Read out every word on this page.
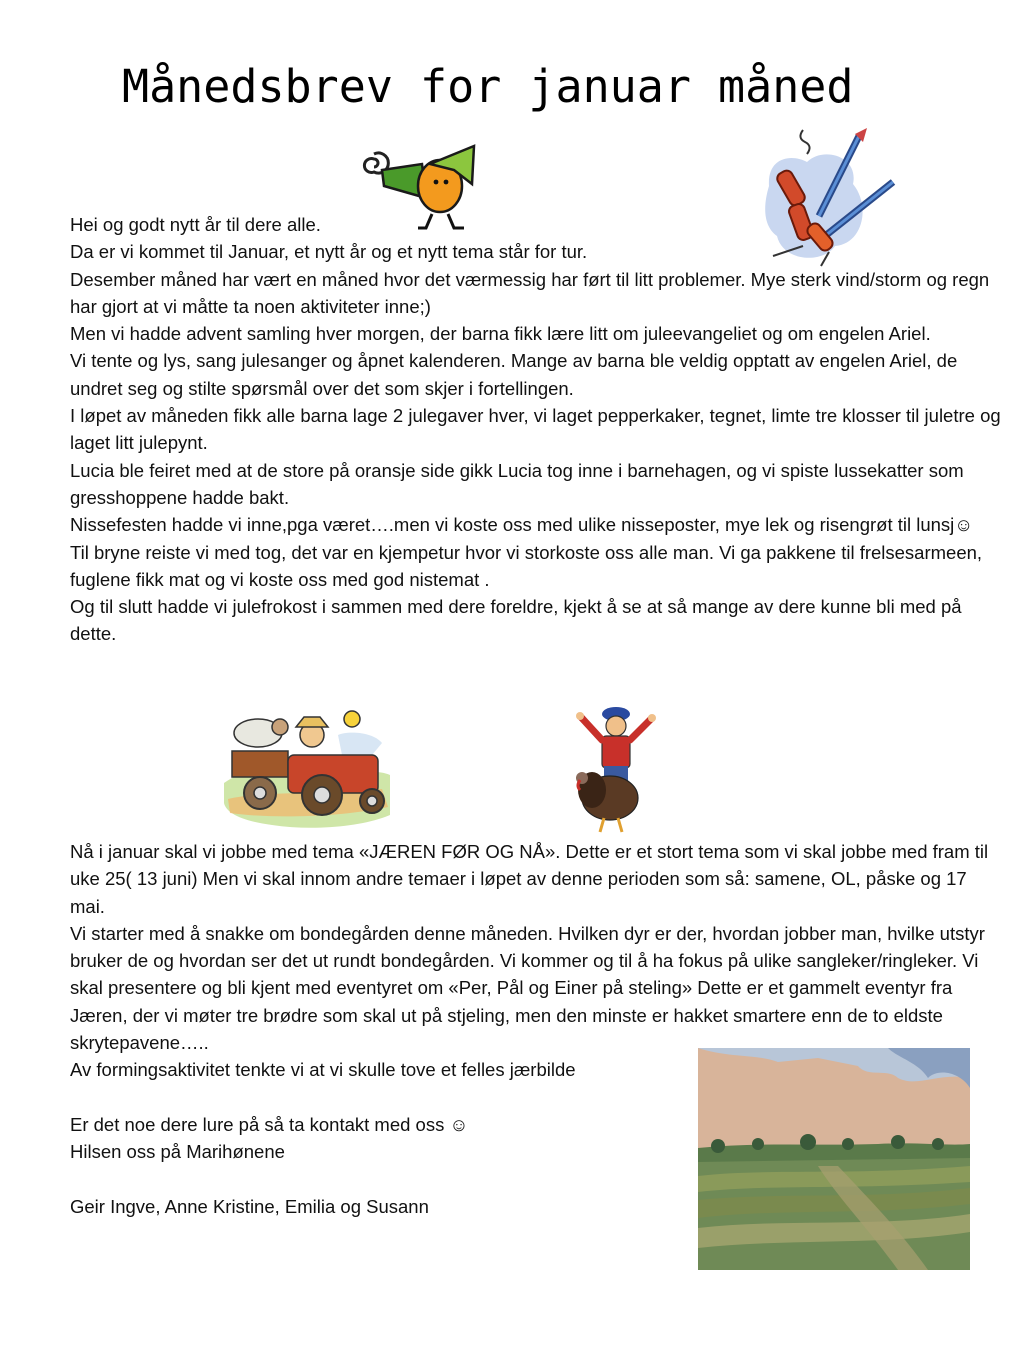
Månedsbrev for januar måned

Hei og godt nytt år til dere alle.

Da er vi kommet til Januar, et nytt år og et nytt tema står for tur.

Desember måned har vært en måned hvor det værmessig har ført til litt problemer. Mye sterk vind/storm og regn har gjort at vi måtte ta noen aktiviteter inne;)

Men vi hadde advent samling hver morgen, der barna fikk lære litt om juleevangeliet og om engelen Ariel.

Vi tente og lys, sang julesanger og åpnet kalenderen. Mange av barna ble veldig opptatt av engelen Ariel, de undret seg og stilte spørsmål over det som skjer i fortellingen.

I løpet av måneden fikk alle barna lage 2 julegaver hver, vi laget pepperkaker, tegnet, limte tre klosser til juletre og laget litt julepynt.

Lucia ble feiret med at de store på oransje side gikk Lucia tog inne i barnehagen, og vi spiste lussekatter som gresshoppene hadde bakt.

Nissefesten hadde vi inne,pga været….men vi koste oss med ulike nisseposter, mye lek og risengrøt til lunsj☺

Til bryne reiste vi med tog, det var en kjempetur hvor vi storkoste oss alle man. Vi ga pakkene til frelsesarmeen, fuglene fikk mat og vi koste oss med god nistemat .

Og til slutt hadde vi julefrokost i sammen med dere foreldre, kjekt å se at så mange av dere kunne bli med på dette.

Nå i januar skal vi jobbe med tema «JÆREN FØR OG NÅ». Dette er et stort tema som vi skal jobbe med fram til uke 25( 13 juni) Men vi skal innom andre temaer i løpet av denne perioden som så: samene, OL, påske og 17 mai.

Vi starter med å snakke om bondegården denne måneden. Hvilken dyr er der, hvordan jobber man, hvilke utstyr bruker de og hvordan ser det ut rundt bondegården. Vi kommer og til å ha fokus på ulike sangleker/ringleker. Vi skal presentere og bli kjent med eventyret om «Per, Pål og Einer på steling» Dette er et gammelt eventyr fra Jæren, der vi møter tre brødre som skal ut på stjeling, men den minste er hakket smartere enn de to eldste skrytepavene…..

Av formingsaktivitet tenkte vi at vi skulle tove et felles jærbilde

Er det noe dere lure på så ta kontakt med oss ☺

Hilsen oss på Marihønene

Geir Ingve, Anne Kristine, Emilia og Susann
